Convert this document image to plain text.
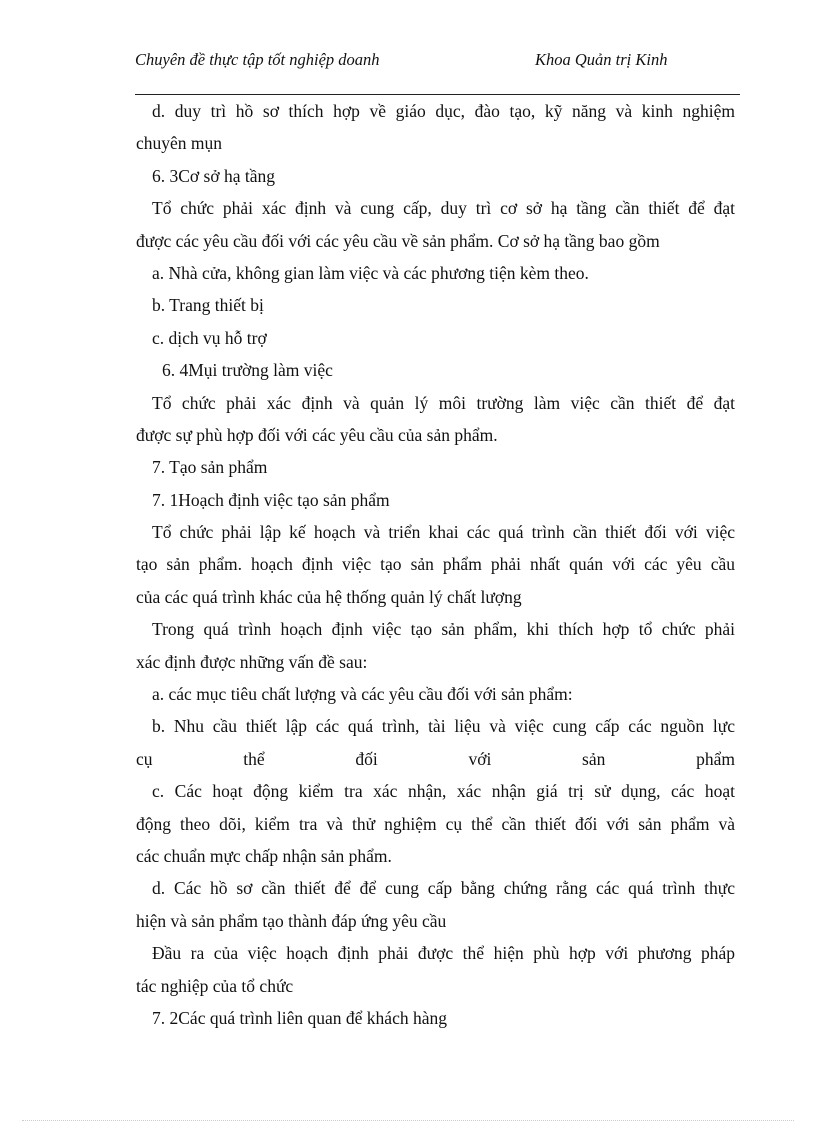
Chuyên đề thực tập tốt nghiệp doanh	Khoa Quản trị Kinh
d. duy trì hồ sơ thích hợp về giáo dục, đào tạo, kỹ năng và kinh nghiệm
chuyên mụn
6. 3Cơ sở hạ tầng
Tổ chức phải xác định và cung cấp, duy trì cơ sở hạ tầng cần thiết để đạt
được các yêu cầu đối với các yêu cầu về sản phẩm. Cơ sở hạ tầng bao gồm
a. Nhà cửa, không gian làm việc và các phương tiện kèm theo.
b. Trang thiết bị
c. dịch vụ hỗ trợ
6. 4Mụi trường làm việc
Tổ chức phải xác định và quản lý môi trường làm việc cần thiết để đạt
được sự phù hợp đối với các yêu cầu của sản phẩm.
7. Tạo sản phẩm
7. 1Hoạch định việc tạo sản phẩm
Tổ chức phải lập kế hoạch và triển khai các quá trình cần thiết đối với việc
tạo sản phẩm. hoạch định việc tạo sản phẩm phải nhất quán với các yêu cầu
của các quá trình khác của hệ thống quản lý chất lượng
Trong quá trình hoạch định việc tạo sản phẩm, khi thích hợp tổ chức phải
xác định được những vấn đề sau:
a. các mục tiêu chất lượng và các yêu cầu đối với sản phẩm:
b. Nhu cầu thiết lập các quá trình, tài liệu và việc cung cấp các nguồn lực
cụ thể đối với sản phẩm
c. Các hoạt động kiểm tra xác nhận, xác nhận giá trị sử dụng, các hoạt
động theo dõi, kiểm tra và thử nghiệm cụ thể cần thiết đối với sản phẩm và
các chuẩn mực chấp nhận sản phẩm.
d. Các hồ sơ cần thiết để để cung cấp bằng chứng rằng các quá trình thực
hiện và sản phẩm tạo thành đáp ứng yêu cầu
Đầu ra của việc hoạch định phải được thể hiện phù hợp với phương pháp
tác nghiệp của tổ chức
7. 2Các quá trình liên quan để khách hàng
